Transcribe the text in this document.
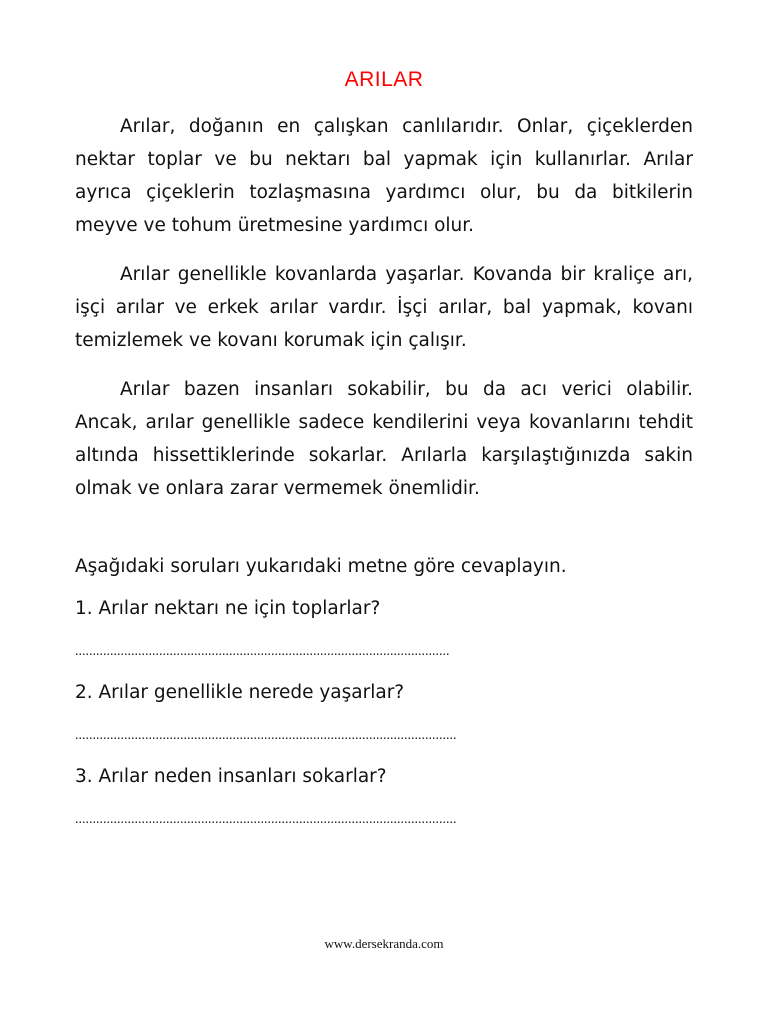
ARILAR

Arılar, doğanın en çalışkan canlılarıdır. Onlar, çiçeklerden nektar toplar ve bu nektarı bal yapmak için kullanırlar. Arılar ayrıca çiçeklerin tozlaşmasına yardımcı olur, bu da bitkilerin meyve ve tohum üretmesine yardımcı olur.

Arılar genellikle kovanlarda yaşarlar. Kovanda bir kraliçe arı, işçi arılar ve erkek arılar vardır. İşçi arılar, bal yapmak, kovanı temizlemek ve kovanı korumak için çalışır.

Arılar bazen insanları sokabilir, bu da acı verici olabilir. Ancak, arılar genellikle sadece kendilerini veya kovanlarını tehdit altında hissettiklerinde sokarlar. Arılarla karşılaştığınızda sakin olmak ve onlara zarar vermemek önemlidir.

Aşağıdaki soruları yukarıdaki metne göre cevaplayın.
1. Arılar nektarı ne için toplarlar?
...........................................................................................................
2. Arılar genellikle nerede yaşarlar?
.............................................................................................................
3. Arılar neden insanları sokarlar?
.............................................................................................................
www.dersekranda.com
